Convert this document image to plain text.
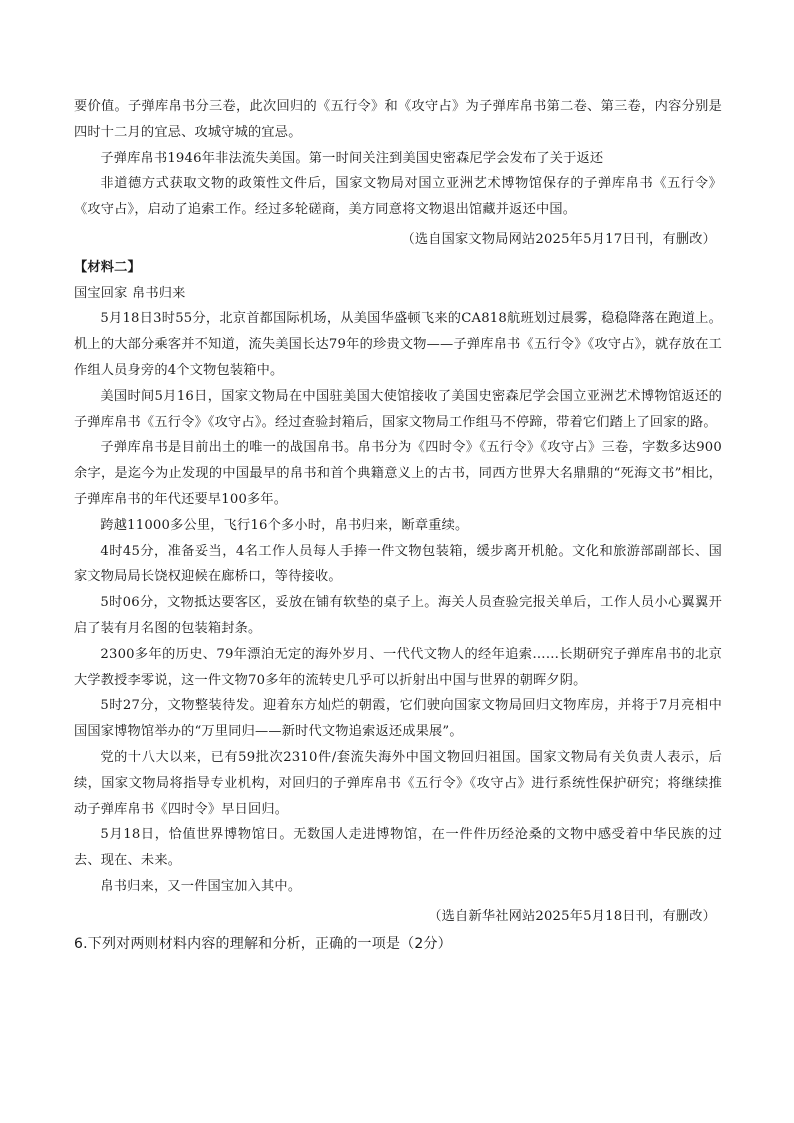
要价值。子弹库帛书分三卷，此次回归的《五行令》和《攻守占》为子弹库帛书第二卷、第三卷，内容分别是四时十二月的宜忌、攻城守城的宜忌。

子弹库帛书1946年非法流失美国。第一时间关注到美国史密森尼学会发布了关于返还

非道德方式获取文物的政策性文件后，国家文物局对国立亚洲艺术博物馆保存的子弹库帛书《五行令》《攻守占》，启动了追索工作。经过多轮磋商，美方同意将文物退出馆藏并返还中国。

（选自国家文物局网站2025年5月17日刊，有删改）

【材料二】

国宝回家 帛书归来

5月18日3时55分，北京首都国际机场，从美国华盛顿飞来的CA818航班划过晨雾，稳稳降落在跑道上。机上的大部分乘客并不知道，流失美国长达79年的珍贵文物——子弹库帛书《五行令》《攻守占》，就存放在工作组人员身旁的4个文物包装箱中。

美国时间5月16日，国家文物局在中国驻美国大使馆接收了美国史密森尼学会国立亚洲艺术博物馆返还的子弹库帛书《五行令》《攻守占》。经过查验封箱后，国家文物局工作组马不停蹄，带着它们踏上了回家的路。

子弹库帛书是目前出土的唯一的战国帛书。帛书分为《四时令》《五行令》《攻守占》三卷，字数多达900余字，是迄今为止发现的中国最早的帛书和首个典籍意义上的古书，同西方世界大名鼎鼎的“死海文书”相比，子弹库帛书的年代还要早100多年。

跨越11000多公里，飞行16个多小时，帛书归来，断章重续。

4时45分，准备妥当，4名工作人员每人手捧一件文物包装箱，缓步离开机舱。文化和旅游部副部长、国家文物局局长饶权迎候在廊桥口，等待接收。

5时06分，文物抵达要客区，妥放在铺有软垫的桌子上。海关人员查验完报关单后，工作人员小心翼翼开启了装有月名图的包装箱封条。

2300多年的历史、79年漂泊无定的海外岁月、一代代文物人的经年追索……长期研究子弹库帛书的北京大学教授李零说，这一件文物70多年的流转史几乎可以折射出中国与世界的朝晖夕阴。

5时27分，文物整装待发。迎着东方灿烂的朝霞，它们驶向国家文物局回归文物库房，并将于7月亮相中国国家博物馆举办的“万里同归——新时代文物追索返还成果展”。

党的十八大以来，已有59批次2310件/套流失海外中国文物回归祖国。国家文物局有关负责人表示，后续，国家文物局将指导专业机构，对回归的子弹库帛书《五行令》《攻守占》进行系统性保护研究；将继续推动子弹库帛书《四时令》早日回归。

5月18日，恰值世界博物馆日。无数国人走进博物馆，在一件件历经沧桑的文物中感受着中华民族的过去、现在、未来。

帛书归来，又一件国宝加入其中。

（选自新华社网站2025年5月18日刊，有删改）

6.下列对两则材料内容的理解和分析，正确的一项是（2分）
